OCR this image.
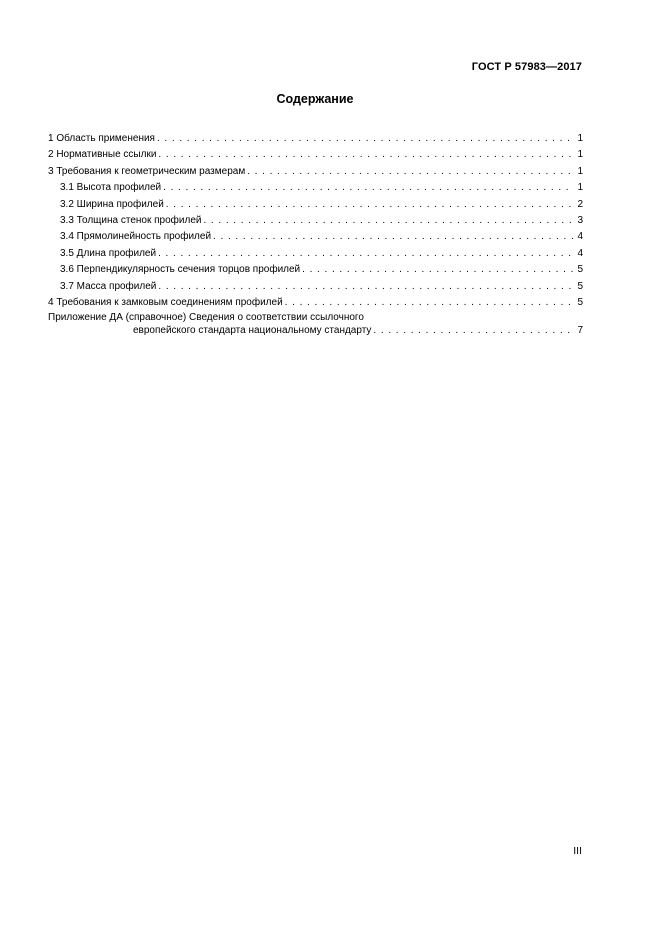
ГОСТ Р 57983—2017
Содержание
1 Область применения . . .	1
2 Нормативные ссылки . . .	1
3 Требования к геометрическим размерам . . .	1
3.1 Высота профилей . . .	1
3.2 Ширина профилей . . .	2
3.3 Толщина стенок профилей . . .	3
3.4 Прямолинейность профилей . . .	4
3.5 Длина профилей . . .	4
3.6 Перпендикулярность сечения торцов профилей . . .	5
3.7 Масса профилей . . .	5
4 Требования к замковым соединениям профилей . . .	5
Приложение ДА (справочное) Сведения о соответствии ссылочного
европейского стандарта национальному стандарту . . .	7
III
